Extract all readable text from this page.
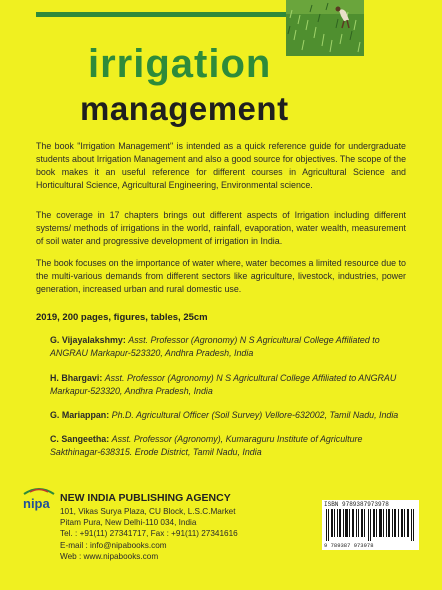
irrigation
management
The book "Irrigation Management" is intended as a quick reference guide for undergraduate students about Irrigation Management and also a good source for objectives. The scope of the book makes it an useful reference for different courses in Agricultural Science and Horticultural Science, Agricultural Engineering, Environmental science.
The coverage in 17 chapters brings out different aspects of Irrigation including different systems/ methods of irrigations in the world, rainfall, evaporation, water wealth, measurement of soil water and progressive development of irrigation in India.
The book focuses on the importance of water where, water becomes a limited resource due to the multi-various demands from different sectors like agriculture, livestock, industries, power generation, increased urban and rural domestic use.
2019, 200 pages, figures, tables, 25cm
G. Vijayalakshmy: Asst. Professor (Agronomy) N S Agricultural College Affiliated to ANGRAU Markapur-523320, Andhra Pradesh, India
H. Bhargavi: Asst. Professor (Agronomy) N S Agricultural College Affiliated to ANGRAU Markapur-523320, Andhra Pradesh, India
G. Mariappan: Ph.D. Agricultural Officer (Soil Survey) Vellore-632002, Tamil Nadu, India
C. Sangeetha: Asst. Professor (Agronomy), Kumaraguru Institute of Agriculture Sakthinagar-638315. Erode District, Tamil Nadu, India
nipa NEW INDIA PUBLISHING AGENCY
101, Vikas Surya Plaza, CU Block, L.S.C.Market
Pitam Pura, New Delhi-110 034, India
Tel. : +91(11) 27341717, Fax : +91(11) 27341616
E-mail : info@nipabooks.com
Web : www.nipabooks.com
ISBN 9789387973978
9 789387 973978
